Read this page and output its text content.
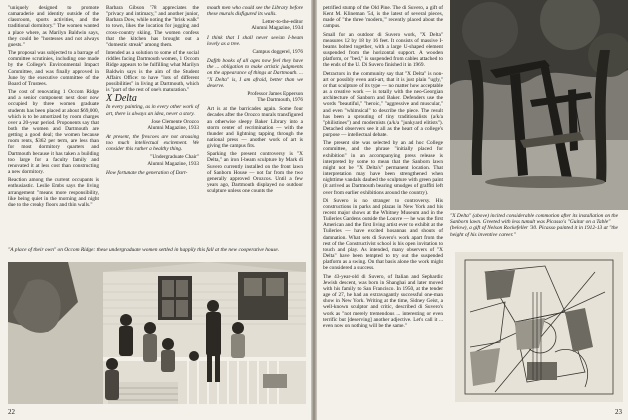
"uniquely designed to promote camaraderie and identity outside of the classroom, sports activities, and the traditional dormitory." The women wanted a place where, as Marilyn Baldwin says, they could be "hostesses and not always guests."

The proposal was subjected to a barrage of committee scrutinies, including one made by the College's Environmental Impact Committee, and was finally approved in June by the executive committee of the Board of Trustees.

The cost of renovating 1 Occom Ridge and a senior component next door now occupied by three women graduate students has been placed at about $69,000, which is to be amortized by room charges over a 20-year period. Proponents say that both the women and Dartmouth are getting a good deal; the women because room rents, $362 per term, are less than for most dormitory quarters and Dartmouth because it has taken a building too large for a faculty family and renovated it at less cost than constructing a new dormitory.

Reaction among the current occupants is enthusiastic. Leslie Embs says the living arrangement "means more responsibility, like being quiet in the morning and night due to the creaky floors and thin walls."

Barbara Gibson '78 appreciates the "privacy and intimacy," and another junior, Barbara Dow, while noting the "brisk walk" to town, likes the location for jogging and cross-country skiing. The women confess that the kitchen has brought out a "domestic streak" among them.

Intended as a solution to some of the social riddles facing Dartmouth women, 1 Occom Ridge appears to be fulfilling what Marilyn Baldwin says is the aim of the Student Affairs Office: to have "lots of different possibilities" in living at Dartmouth, which is "part of the rest of one's maturation."

X Delta

In every painting, as in every other work of art, there is always an idea, never a story.

Jose Clemente Orozco
Alumni Magazine, 1933

At present, the frescoes are not arousing too much intellectual excitement. We consider this rather a healthy thing.

"Undergraduate Chair"
Alumni Magazine, 1933

How fortunate the generation of Dart-

mouth men who could see the Library before these murals disfigured its walls.

Letter-to-the-editor
Alumni Magazine, 1934

I think that I shall never see/an I-beam lovely as a tree.

Campus doggerel, 1976

Dafjth books of all ages now feel they have the ... obligation to make artistic judgments on the appearance of things at Dartmouth. ... "X Delta" is, I am afraid, better than we deserve.

Professor James Epperson
The Dartmouth, 1976

Art is at the barricades again. Some four decades after the Orozco murals transfigured an otherwise sleepy Baker Library into a storm center of recrimination — with the thunder and lightning tapping through the national press — another work of art is giving the campus fits.

Sparking the present controversy is "X Delta," an iron I-beam sculpture by Mark di Suvero currently installed on the front lawn of Sanborn House — not far from the two generally approved Orozcos. Until a few years ago, Dartmouth displayed no outdoor sculpture unless one counts the

"A place of their own" on Occom Ridge: these undergraduate women settled in happily this fall at the new cooperative house.
22

petrified stump of the Old Pine. The di Suvero, a gift of Kent M. Klineman '54, is the latest of several pieces, made of "the three 'modern,'" recently placed about the campus.

Small for an outdoor di Suvero work, "X Delta" measures 12 by 18 by 16 feet. It consists of massive I-beams bolted together, with a large U-shaped element suspended from the horizontal support. A wooden platform, or "bed," is suspended from cables attached to the ends of the U. Di Suvero finished it in 1969.

Detractors in the community say that "X Delta" is non-art or possibly even anti-art, that it is just plain "ugly," or that sculpture of its type — no matter how acceptable as a creative work — is totally with the neo-Georgian architecture of Sanborn and Baker. Defenders use the words "beautiful," "heroic," "aggressive and muscular," and even "whimsical" to describe the piece. The result has been a sprouting of tiny traditionalists (a/k/a "philistines") and modernists (a/k/a "junkyard elitists"). Detached observers see it all as the heart of a college's purpose — intellectual debate.

The present site was selected by an ad hoc College committee, and the phrase "initially placed for exhibition" in an accompanying press release is interpreted by some to mean that the Sanborn lawn might not be "X Delta's" permanent location. That interpretation may have been strengthened when nighttime vandals daubed the sculpture with green paint (it arrived as Dartmouth bearing smudges of graffiti left over from earlier exhibitions around the country).

Di Suvero is no stranger to controversy. His constructions in parks and plazas in New York and his recent major shows at the Whitney Museum and in the Tuileries Gardens outside the Louvre — he was the first American and the first living artist ever to exhibit at the Tuileries — have excited hosannas and shouts of damnation. What sets di Suvero's work apart from the rest of the Constructivist school is his open invitation to touch and play. As intended, many observers of "X Delta" have been tempted to try out the suspended platform as a swing. On that basis alone the work might be considered a success.

The 43-year-old di Suvero, of Italian and Sephardic Jewish descent, was born in Shanghai and later moved with his family to San Francisco. In 1950, at the tender age of 27, he had an extravagantly successful one-man show in New York. Writing at the time, Sidney Geist, a well-known sculptor and critic, described di Suvero's work as "not merely tremendous ... interesting or even terrific but [deserving] another adjective. Let's call it ... even now on nothing will be the same."

"X Delta" (above) incited considerable commotion after its installation on the Sanborn lawn. Greeted with less tumult was Picasso's "Guitar on a Table" (below), a gift of Nelson Rockefeller '30. Picasso painted it in 1912-13 at "the height of his inventive career."
23
